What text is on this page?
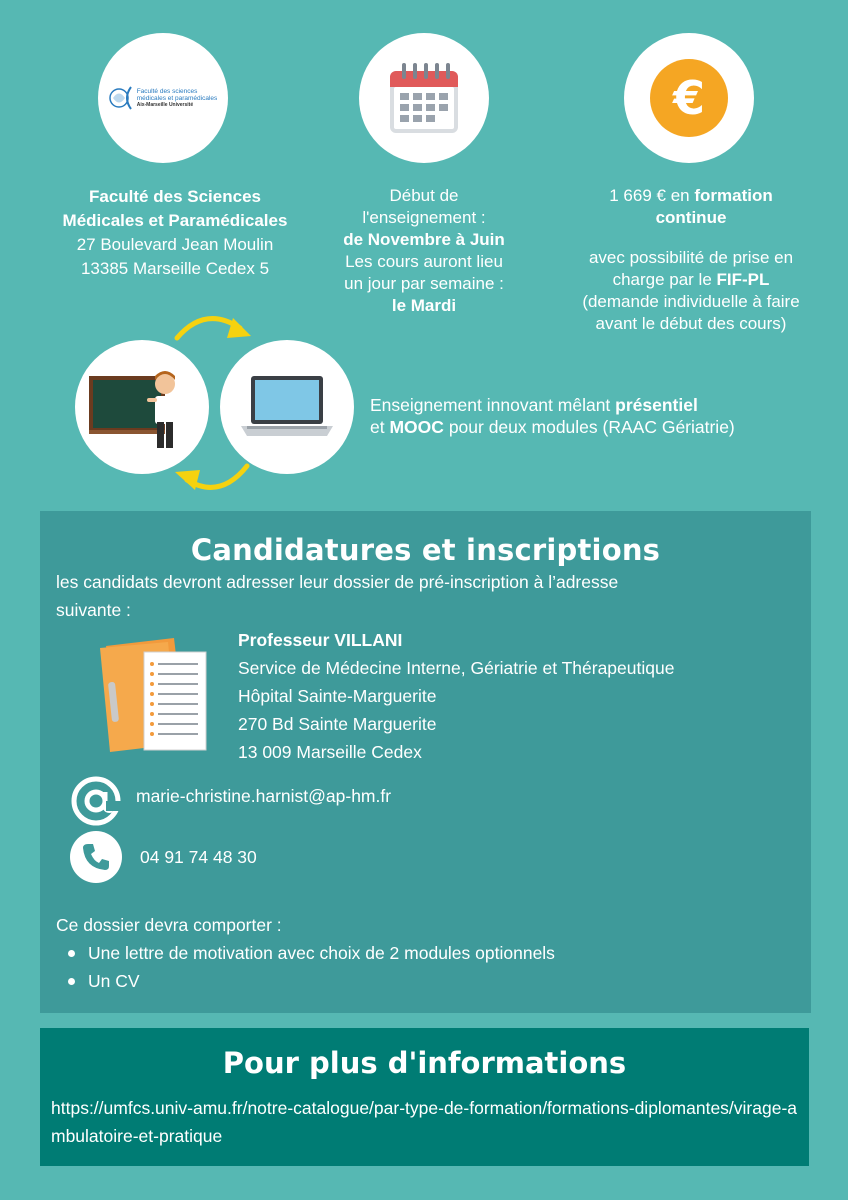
Faculté des sciences
médicales et paramédicales
Aix-Marseille Université	€
Faculté des Sciences
Médicales et Paramédicales
27 Boulevard Jean Moulin
13385 Marseille Cedex 5
Début de
l'enseignement :
de Novembre à Juin
Les cours auront lieu
un jour par semaine :
le Mardi
1 669 € en formation
continue
avec possibilité de prise en
charge par le FIF-PL
(demande individuelle à faire
avant le début des cours)
Enseignement innovant mêlant présentiel
et MOOC pour deux modules (RAAC Gériatrie)
Candidatures et inscriptions
les candidats devront adresser leur dossier de pré-inscription à l’adresse
suivante :
Professeur VILLANI
Service de Médecine Interne, Gériatrie et Thérapeutique
Hôpital Sainte-Marguerite
270 Bd Sainte Marguerite
13 009 Marseille Cedex
marie-christine.harnist@ap-hm.fr
04 91 74 48 30
Ce dossier devra comporter :
Une lettre de motivation avec choix de 2 modules optionnels
Un CV
Pour plus d'informations
https://umfcs.univ-amu.fr/notre-catalogue/par-type-de-formation/formations-diplomantes/virage-ambulatoire-et-pratique
